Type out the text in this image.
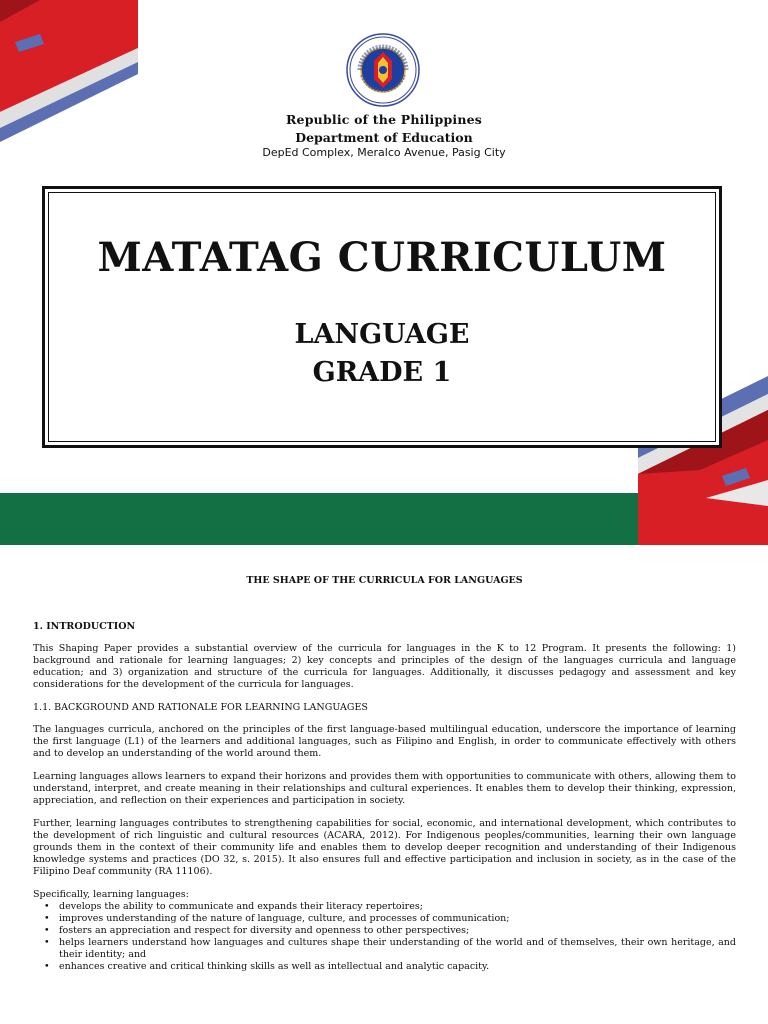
Republic of the Philippines
Department of Education
DepEd Complex, Meralco Avenue, Pasig City
MATATAG CURRICULUM
LANGUAGE
GRADE 1
THE SHAPE OF THE CURRICULA FOR LANGUAGES
1. INTRODUCTION
This Shaping Paper provides a substantial overview of the curricula for languages in the K to 12 Program. It presents the following: 1) background and rationale for learning languages; 2) key concepts and principles of the design of the languages curricula and language education; and 3) organization and structure of the curricula for languages. Additionally, it discusses pedagogy and assessment and key considerations for the development of the curricula for languages.
1.1. BACKGROUND AND RATIONALE FOR LEARNING LANGUAGES
The languages curricula, anchored on the principles of the first language-based multilingual education, underscore the importance of learning the first language (L1) of the learners and additional languages, such as Filipino and English, in order to communicate effectively with others and to develop an understanding of the world around them.
Learning languages allows learners to expand their horizons and provides them with opportunities to communicate with others, allowing them to understand, interpret, and create meaning in their relationships and cultural experiences. It enables them to develop their thinking, expression, appreciation, and reflection on their experiences and participation in society.
Further, learning languages contributes to strengthening capabilities for social, economic, and international development, which contributes to the development of rich linguistic and cultural resources (ACARA, 2012). For Indigenous peoples/communities, learning their own language grounds them in the context of their community life and enables them to develop deeper recognition and understanding of their Indigenous knowledge systems and practices (DO 32, s. 2015). It also ensures full and effective participation and inclusion in society, as in the case of the Filipino Deaf community (RA 11106).
Specifically, learning languages:
• develops the ability to communicate and expands their literacy repertoires;
• improves understanding of the nature of language, culture, and processes of communication;
• fosters an appreciation and respect for diversity and openness to other perspectives;
• helps learners understand how languages and cultures shape their understanding of the world and of themselves, their own heritage, and their identity; and
• enhances creative and critical thinking skills as well as intellectual and analytic capacity.
